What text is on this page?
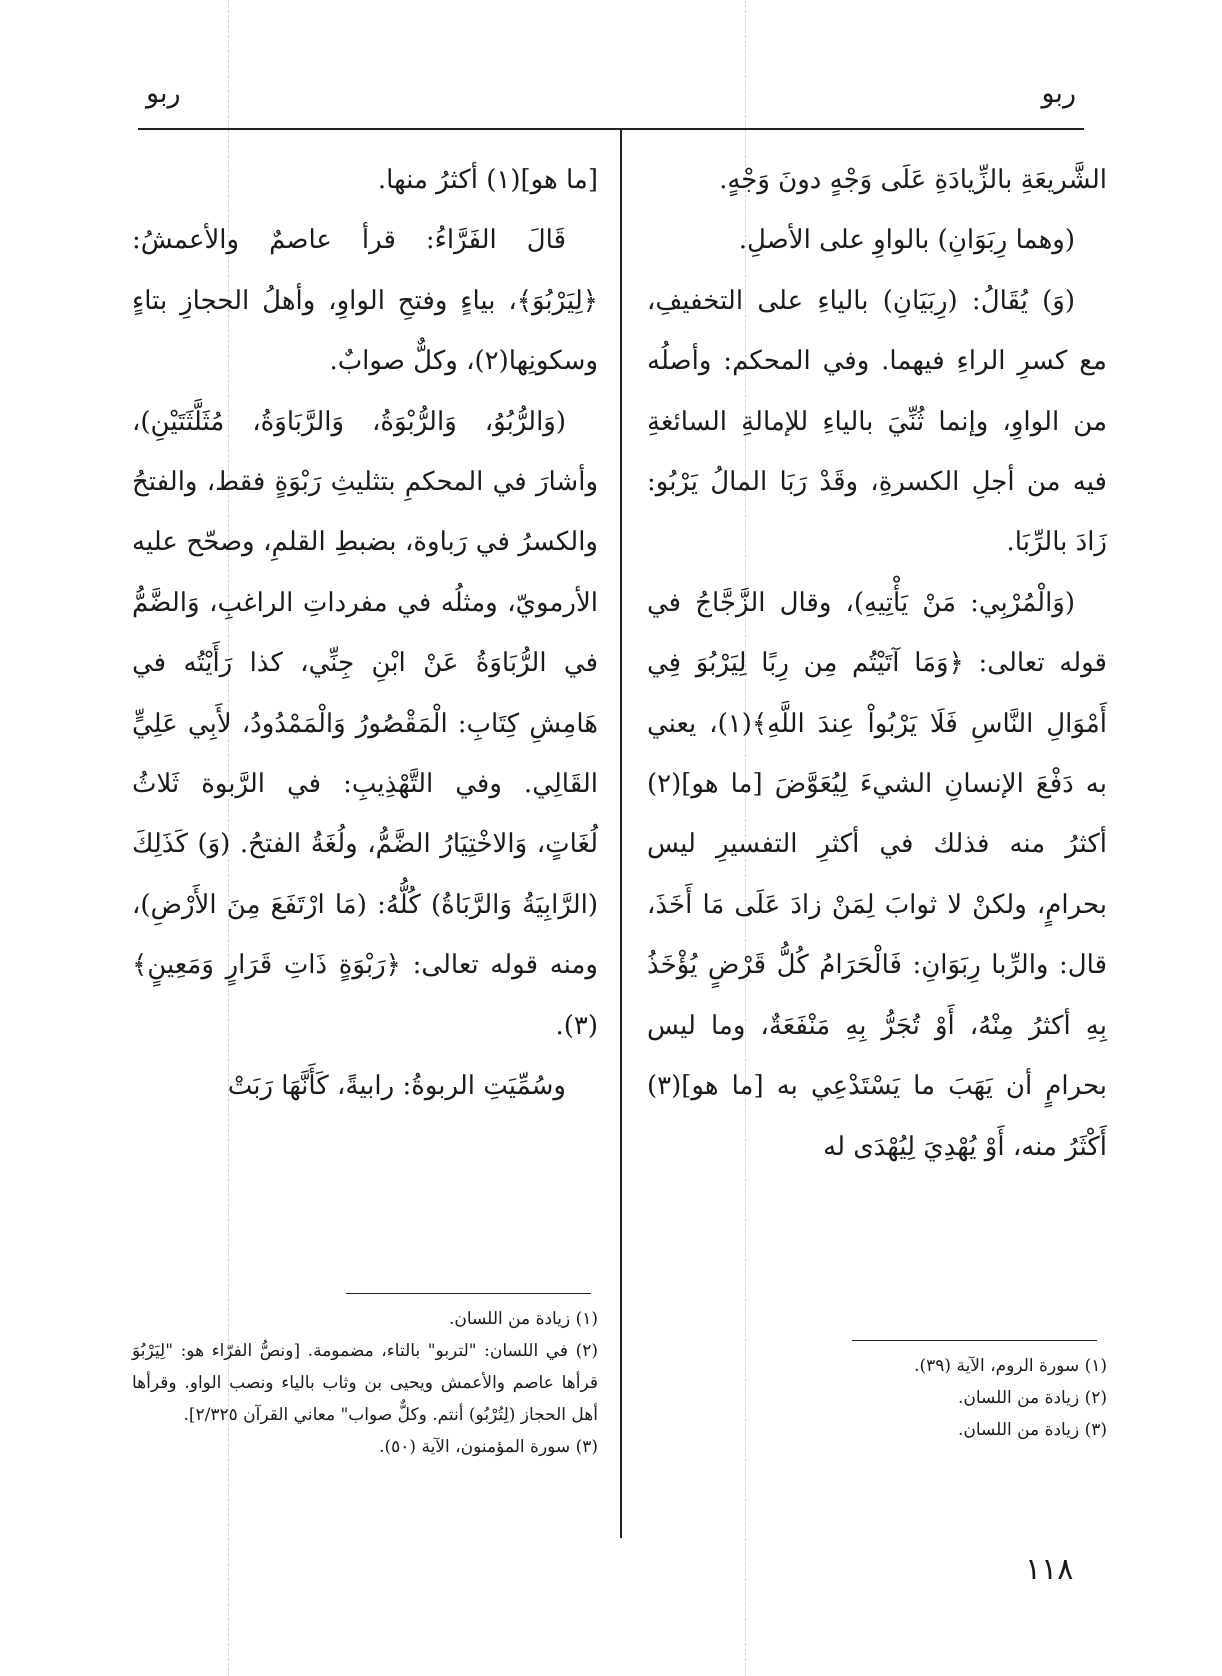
ربو
ربو

الشَّريعَةِ بالزِّيادَةِ عَلَى وَجْهٍ دونَ وَجْهٍ.

(وهما رِبَوَانِ) بالواوِ على الأصلِ.

(وَ) يُقَالُ: (رِبَيَانِ) بالياءِ على التخفيفِ، مع كسرِ الراءِ فيهما. وفي المحكم: وأصلُه من الواوِ، وإنما ثُنِّيَ بالياءِ للإمالةِ السائغةِ فيه من أجلِ الكسرةِ، وقَدْ رَبَا المالُ يَرْبُو: زَادَ بالرِّبَا.

(وَالْمُرْبِي: مَنْ يَأْتِيهِ)، وقال الزَّجَّاجُ في قوله تعالى: ﴿وَمَا آتَيْتُم مِن رِبًا لِيَرْبُوَ فِي أَمْوَالِ النَّاسِ فَلَا يَرْبُواْ عِندَ اللَّهِ﴾(١)، يعني به دَفْعَ الإنسانِ الشيءَ لِيُعَوَّضَ [ما هو](٢) أكثرُ منه فذلك في أكثرِ التفسيرِ ليس بحرامٍ، ولكنْ لا ثوابَ لِمَنْ زادَ عَلَى مَا أَخَذَ، قال: والرِّبا رِبَوَانِ: فَالْحَرَامُ كُلُّ قَرْضٍ يُؤْخَذُ بِهِ أكثرُ مِنْهُ، أَوْ تُجَرُّ بِهِ مَنْفَعَةٌ، وما ليس بحرامٍ أن يَهَبَ ما يَسْتَدْعِي به [ما هو](٣) أَكْثَرُ منه، أَوْ يُهْدِيَ لِيُهْدَى له

(١) سورة الروم، الآية (٣٩).

(٢) زيادة من اللسان.

(٣) زيادة من اللسان.

[ما هو](١) أكثرُ منها.

قَالَ الفَرَّاءُ: قرأ عاصمٌ والأعمشُ: ﴿لِيَرْبُوَ﴾، بياءٍ وفتحِ الواوِ، وأهلُ الحجازِ بتاءٍ وسكونِها(٢)، وكلٌّ صوابٌ.

(وَالرُّبُوُ، وَالرُّبْوَةُ، وَالرَّبَاوَةُ، مُثَلَّثَتَيْنِ)، وأشارَ في المحكمِ بتثليثِ رَبْوَةٍ فقط، والفتحُ والكسرُ في رَباوة، بضبطِ القلمِ، وصحّح عليه الأرمويّ، ومثلُه في مفرداتِ الراغبِ، وَالضَّمُّ في الرُّبَاوَةُ عَنْ ابْنِ جِنِّي، كذا رَأَيْتُه في هَامِشِ كِتَابِ: الْمَقْصُورُ وَالْمَمْدُودُ، لأَبِي عَلِيٍّ القَالِي. وفي التَّهْذِيبِ: في الرَّبوة ثَلاثُ لُغَاتٍ، وَالاخْتِيَارُ الضَّمُّ، ولُغَةُ الفتحُ. (وَ) كَذَلِكَ (الرَّابِيَةُ وَالرَّبَاةُ) كُلُّهُ: (مَا ارْتَفَعَ مِنَ الأَرْضِ)، ومنه قوله تعالى: ﴿رَبْوَةٍ ذَاتِ قَرَارٍ وَمَعِينٍ﴾(٣).

وسُمِّيَتِ الربوةُ: رابيةً، كَأَنَّهَا رَبَتْ

(١) زيادة من اللسان.

(٢) في اللسان: "لتربو" بالتاء، مضمومة. [ونصُّ الفرّاء هو: "لِيَرْبُوَ قرأها عاصم والأعمش ويحيى بن وثاب بالياء ونصب الواو. وقرأها أهل الحجاز (لِتُرْبُو) أنتم. وكلٌّ صواب" معاني القرآن ٢/٣٢٥].

(٣) سورة المؤمنون، الآية (٥٠).

١١٨
